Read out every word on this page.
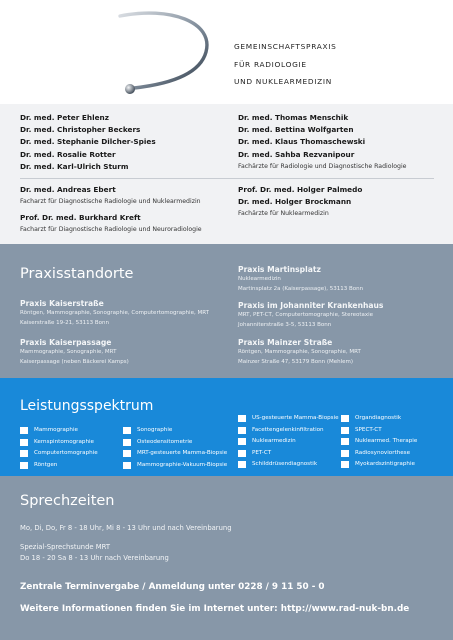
GEMEINSCHAFTSPRAXIS
FÜR RADIOLOGIE
UND NUKLEARMEDIZIN
Dr. med. Peter Ehlenz
Dr. med. Christopher Beckers
Dr. med. Stephanie Dilcher-Spies
Dr. med. Rosalie Rotter
Dr. med. Karl-Ulrich Sturm
Dr. med. Thomas Menschik
Dr. med. Bettina Wolfgarten
Dr. med. Klaus Thomaschewski
Dr. med. Sahba Rezvanipour
Fachärzte für Radiologie und Diagnostische Radiologie
Dr. med. Andreas Ebert
Facharzt für Diagnostische Radiologie und Nuklearmedizin
Prof. Dr. med. Burkhard Kreft
Facharzt für Diagnostische Radiologie und Neuroradiologie
Prof. Dr. med. Holger Palmedo
Dr. med. Holger Brockmann
Fachärzte für Nuklearmedizin
Praxisstandorte
Praxis Kaiserstraße
Röntgen, Mammographie, Sonographie, Computertomographie, MRT
Kaiserstraße 19-21, 53113 Bonn
Praxis Kaiserpassage
Mammographie, Sonographie, MRT
Kaiserpassage (neben Bäckerei Kamps)
Praxis Martinsplatz
Nuklearmedizin
Martinsplatz 2a (Kaiserpassage), 53113 Bonn
Praxis im Johanniter Krankenhaus
MRT, PET-CT, Computertomographie, Stereotaxie
Johanniterstraße 3-5, 53113 Bonn
Praxis Mainzer Straße
Röntgen, Mammographie, Sonographie, MRT
Mainzer Straße 47, 53179 Bonn (Mehlem)
Leistungsspektrum
Mammographie
Kernspintomographie
Computertomographie
Röntgen
Sonographie
Osteodensitometrie
MRT-gesteuerte Mamma-Biopsie
Mammographie-Vakuum-Biopsie
US-gesteuerte Mamma-Biopsie
Facettengelenkinfiltration
Nuklearmedizin
PET-CT
Schilddrüsendiagnostik
Organdiagnostik
SPECT-CT
Nuklearmed. Therapie
Radiosynoviorthese
Myokardszintigraphie
Sprechzeiten
Mo, Di, Do, Fr 8 - 18 Uhr, Mi 8 - 13 Uhr und nach Vereinbarung
Spezial-Sprechstunde MRT
Do 18 - 20 Sa 8 - 13 Uhr nach Vereinbarung
Zentrale Terminvergabe / Anmeldung unter 0228 / 9 11 50 - 0
Weitere Informationen finden Sie im Internet unter: http://www.rad-nuk-bn.de
